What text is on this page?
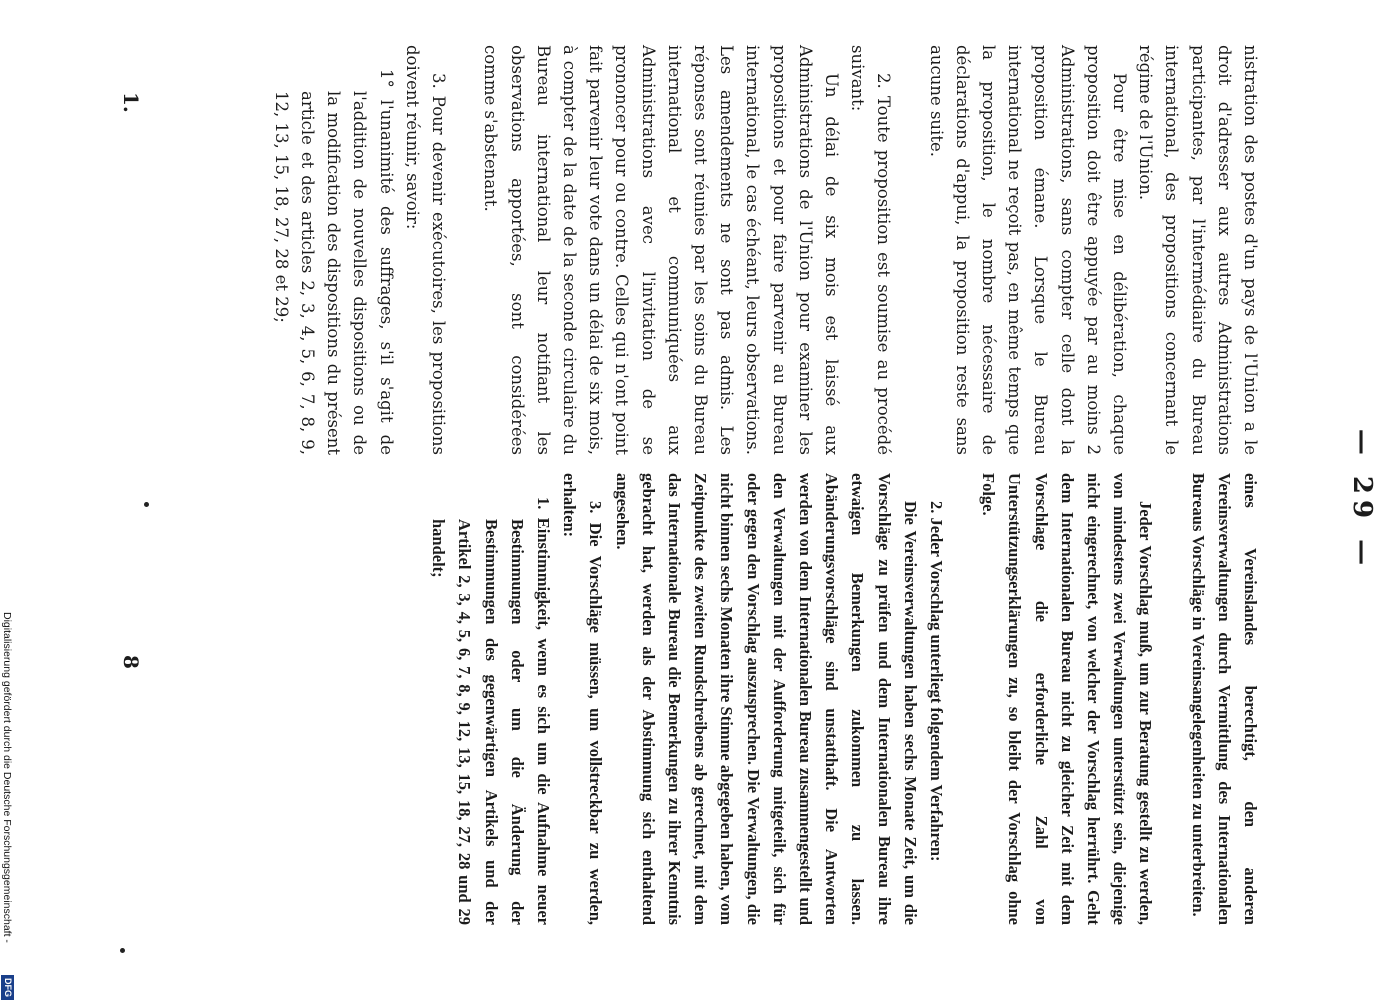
— 29 —

nistration des postes d'un pays de l'Union a le droit d'adresser aux autres Administrations participantes, par l'intermédiaire du Bureau international, des propositions concernant le régime de l'Union.

Pour être mise en délibération, chaque proposition doit être appuyée par au moins 2 Administrations, sans compter celle dont la proposition émane. Lorsque le Bureau international ne reçoit pas, en même temps que la proposition, le nombre nécessaire de déclarations d'appui, la proposition reste sans aucune suite.

2. Toute proposition est soumise au procédé suivant:

Un délai de six mois est laissé aux Administrations de l'Union pour examiner les propositions et pour faire parvenir au Bureau international, le cas échéant, leurs observations. Les amendements ne sont pas admis. Les réponses sont réunies par les soins du Bureau international et communiquées aux Administrations avec l'invitation de se prononcer pour ou contre. Celles qui n'ont point fait parvenir leur vote dans un délai de six mois, à compter de la date de la seconde circulaire du Bureau international leur notifiant les observations apportées, sont considérées comme s'abstenant.

3. Pour devenir exécutoires, les propositions doivent réunir, savoir:

1° l'unanimité des suffrages, s'il s'agit de l'addition de nouvelles dispositions ou de la modification des dispositions du présent article et des articles 2, 3, 4, 5, 6, 7, 8, 9, 12, 13, 15, 18, 27, 28 et 29;

eines Vereinslandes berechtigt, den anderen Vereinsverwaltungen durch Vermittlung des Internationalen Bureaus Vorschläge in Vereinsangelegenheiten zu unterbreiten.

Jeder Vorschlag muß, um zur Beratung gestellt zu werden, von mindestens zwei Verwaltungen unterstützt sein, diejenige nicht eingerechnet, von welcher der Vorschlag herrührt. Geht dem Internationalen Bureau nicht zu gleicher Zeit mit dem Vorschlage die erforderliche Zahl von Unterstützungserklärungen zu, so bleibt der Vorschlag ohne Folge.

2. Jeder Vorschlag unterliegt folgendem Verfahren:

Die Vereinsverwaltungen haben sechs Monate Zeit, um die Vorschläge zu prüfen und dem Internationalen Bureau ihre etwaigen Bemerkungen zukommen zu lassen. Abänderungsvorschläge sind unstatthaft. Die Antworten werden von dem Internationalen Bureau zusammengestellt und den Verwaltungen mit der Aufforderung mitgeteilt, sich für oder gegen den Vorschlag auszusprechen. Die Verwaltungen, die nicht binnen sechs Monaten ihre Stimme abgegeben haben, vom Zeitpunkte des zweiten Rundschreibens ab gerechnet, mit dem das Internationale Bureau die Bemerkungen zu ihrer Kenntnis gebracht hat, werden als der Abstimmung sich enthaltend angesehen.

3. Die Vorschläge müssen, um vollstreckbar zu werden, erhalten:

1. Einstimmigkeit, wenn es sich um die Aufnahme neuer Bestimmungen oder um die Änderung der Bestimmungen des gegenwärtigen Artikels und der Artikel 2, 3, 4, 5, 6, 7, 8, 9, 12, 13, 15, 18, 27, 28 und 29 handelt;

1.
8
Digitalisierung gefördert durch die Deutsche Forschungsgemeinschaft -
DFG
